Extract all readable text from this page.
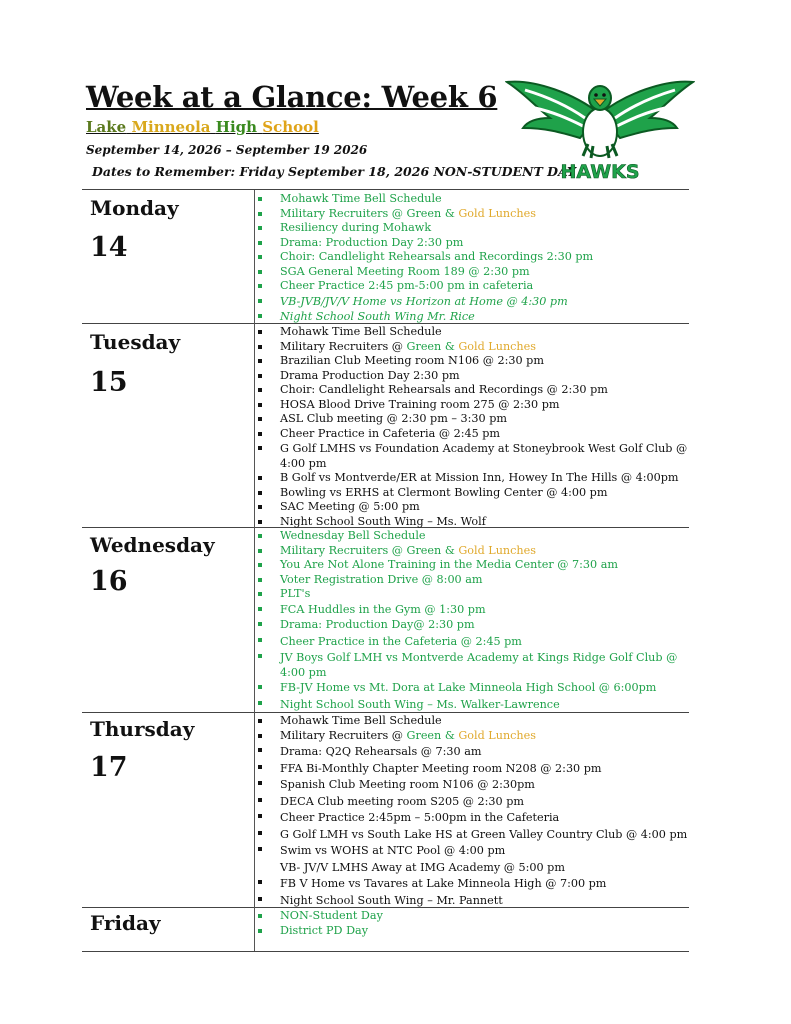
Week at a Glance: Week 6
Lake Minneola High School
September 14, 2026 – September 19 2026
Dates to Remember: Friday September 18, 2026 NON-STUDENT DAY
HAWKS
Monday
14
Mohawk Time Bell Schedule
Military Recruiters @ Green & Gold Lunches
Resiliency during Mohawk
Drama: Production Day 2:30 pm
Choir: Candlelight Rehearsals and Recordings 2:30 pm
SGA General Meeting Room 189 @ 2:30 pm
Cheer Practice 2:45 pm-5:00 pm in cafeteria
VB-JVB/JV/V Home vs Horizon at Home @ 4:30 pm
Night School South Wing Mr. Rice
Tuesday
15
Mohawk Time Bell Schedule
Military Recruiters @ Green & Gold Lunches
Brazilian Club Meeting room N106 @ 2:30 pm
Drama Production Day 2:30 pm
Choir: Candlelight Rehearsals and Recordings @ 2:30 pm
HOSA Blood Drive Training room 275 @ 2:30 pm
ASL Club meeting @ 2:30 pm – 3:30 pm
Cheer Practice in Cafeteria @ 2:45 pm
G Golf LMHS vs Foundation Academy at Stoneybrook West Golf Club @ 4:00 pm
B Golf vs Montverde/ER at Mission Inn, Howey In The Hills @ 4:00pm
Bowling vs ERHS at Clermont Bowling Center @ 4:00 pm
SAC Meeting @ 5:00 pm
Night School South Wing – Ms. Wolf
Wednesday
16
Wednesday Bell Schedule
Military Recruiters @ Green & Gold Lunches
You Are Not Alone Training in the Media Center @ 7:30 am
Voter Registration Drive @ 8:00 am
PLT's
FCA Huddles in the Gym @ 1:30 pm
Drama: Production Day@ 2:30 pm
Cheer Practice in the Cafeteria @ 2:45 pm
JV Boys Golf LMH vs Montverde Academy at Kings Ridge Golf Club @ 4:00 pm
FB-JV Home vs Mt. Dora at Lake Minneola High School @ 6:00pm
Night School South Wing – Ms. Walker-Lawrence
Thursday
17
Mohawk Time Bell Schedule
Military Recruiters @ Green & Gold Lunches
Drama: Q2Q Rehearsals @ 7:30 am
FFA Bi-Monthly Chapter Meeting room N208 @ 2:30 pm
Spanish Club Meeting room N106 @ 2:30pm
DECA Club meeting room S205 @ 2:30 pm
Cheer Practice 2:45pm – 5:00pm in the Cafeteria
G Golf LMH vs South Lake HS at Green Valley Country Club @ 4:00 pm
Swim vs WOHS at NTC Pool @ 4:00 pm
VB- JV/V LMHS Away at IMG Academy @ 5:00 pm
FB V Home vs Tavares at Lake Minneola High @ 7:00 pm
Night School South Wing – Mr. Pannett
Friday	NON-Student Day
District PD Day
